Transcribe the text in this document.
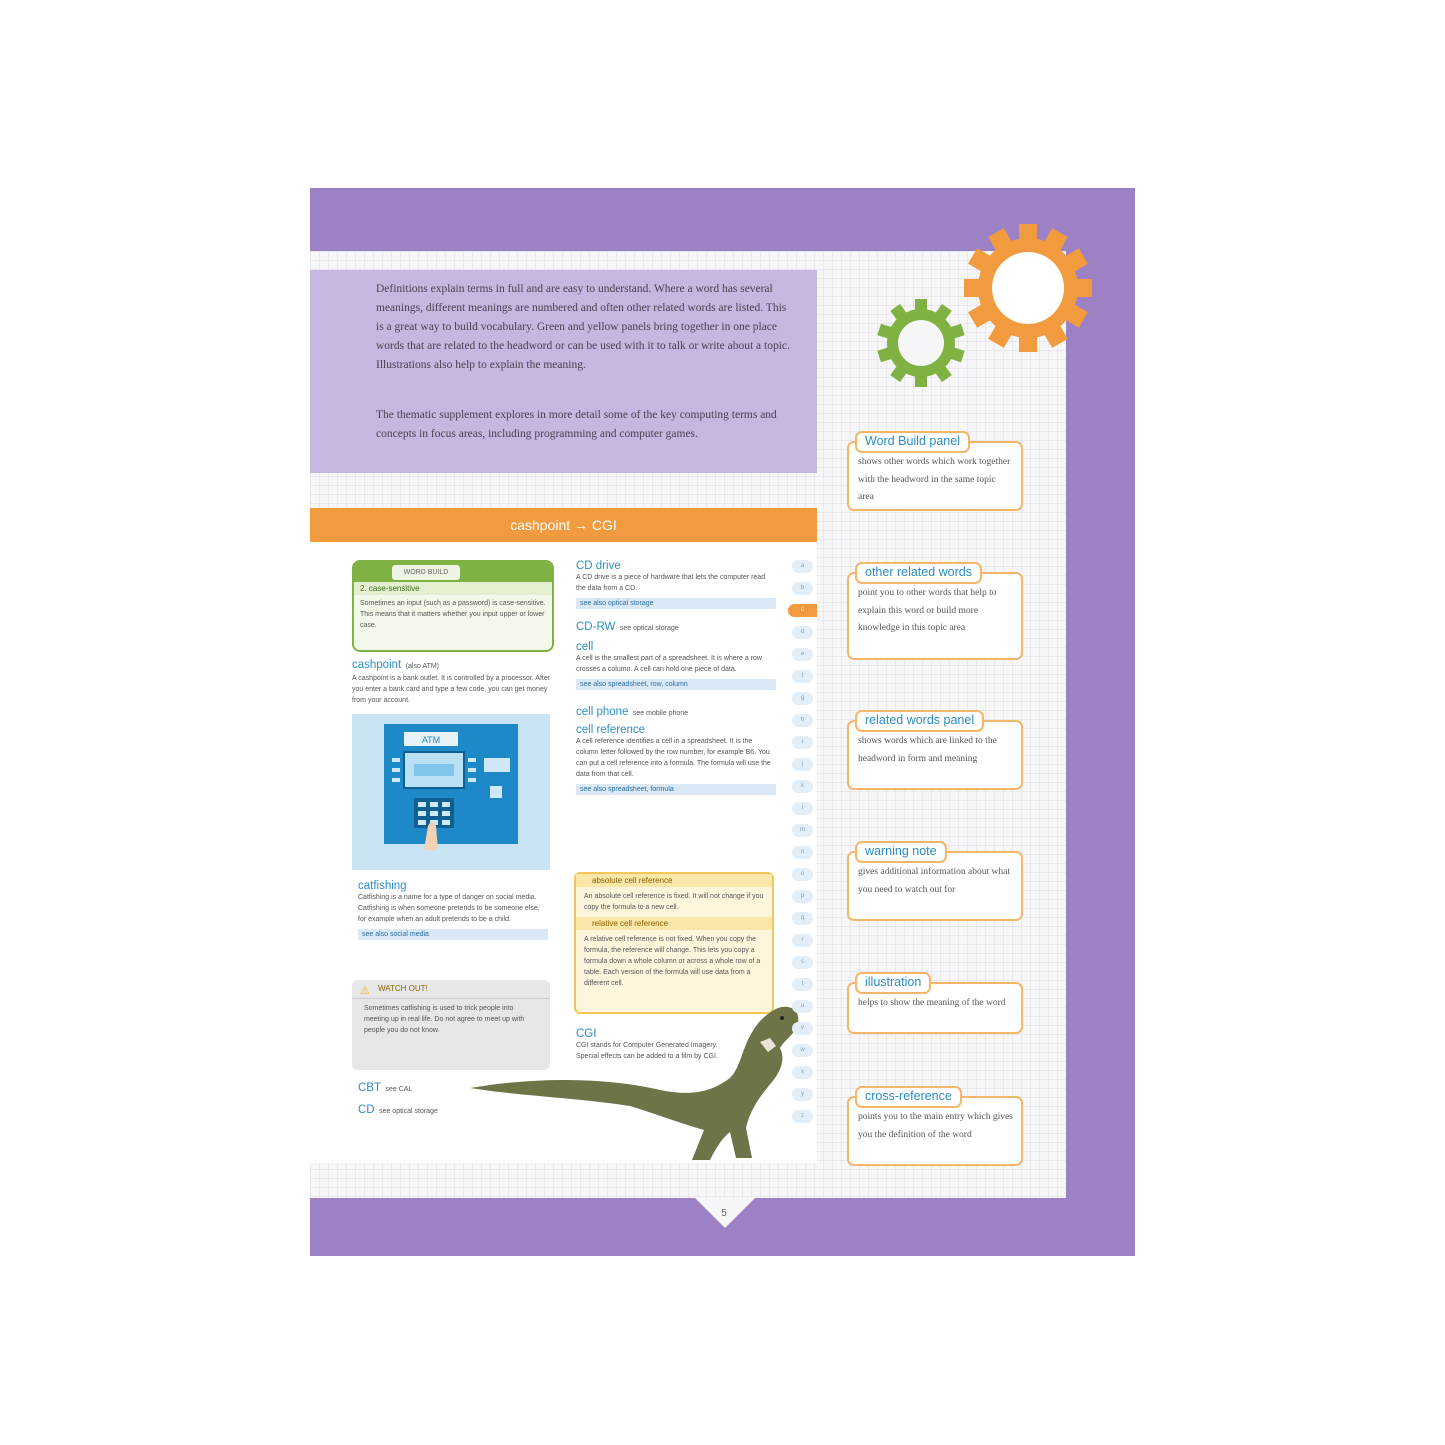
Definitions explain terms in full and are easy to understand. Where a word has several meanings, different meanings are numbered and often other related words are listed. This is a great way to build vocabulary. Green and yellow panels bring together in one place words that are related to the headword or can be used with it to talk or write about a topic. Illustrations also help to explain the meaning.

The thematic supplement explores in more detail some of the key computing terms and concepts in focus areas, including programming and computer games.

cashpoint → CGI
WORD BUILD
2. case-sensitive
Sometimes an input (such as a password) is case-sensitive. This means that it matters whether you input upper or lower case.
cashpoint (also ATM)
A cashpoint is a bank outlet. It is controlled by a processor. After you enter a bank card and type a few code, you can get money from your account.
ATM
catfishing
Catfishing is a name for a type of danger on social media. Catfishing is when someone pretends to be someone else, for example when an adult pretends to be a child.
see also social media
⚠ WATCH OUT!
Sometimes catfishing is used to trick people into meeting up in real life. Do not agree to meet up with people you do not know.
CBT see CAL
CD see optical storage
CD drive
A CD drive is a piece of hardware that lets the computer read the data from a CD.
see also optical storage
CD-RW see optical storage
cell
A cell is the smallest part of a spreadsheet. It is where a row crosses a column. A cell can hold one piece of data.
see also spreadsheet, row, column
cell phone see mobile phone
cell reference
A cell reference identifies a cell in a spreadsheet. It is the column letter followed by the row number, for example B6. You can put a cell reference into a formula. The formula will use the data from that cell.
see also spreadsheet, formula
absolute cell reference
An absolute cell reference is fixed. It will not change if you copy the formula to a new cell.
relative cell reference
A relative cell reference is not fixed. When you copy the formula, the reference will change. This lets you copy a formula down a whole column or across a whole row of a table. Each version of the formula will use data from a different cell.
CGI
CGI stands for Computer Generated Imagery. Special effects can be added to a film by CGI.
a
b
c
d
e
f
g
h
i
j
k
l
m
n
o
p
q
r
s
t
u
v
w
x
y
z
Word Build panel
shows other words which work together with the headword in the same topic area
other related words
point you to other words that help to explain this word or build more knowledge in this topic area
related words panel
shows words which are linked to the headword in form and meaning
warning note
gives additional information about what you need to watch out for
illustration
helps to show the meaning of the word
cross-reference
points you to the main entry which gives you the definition of the word
5
